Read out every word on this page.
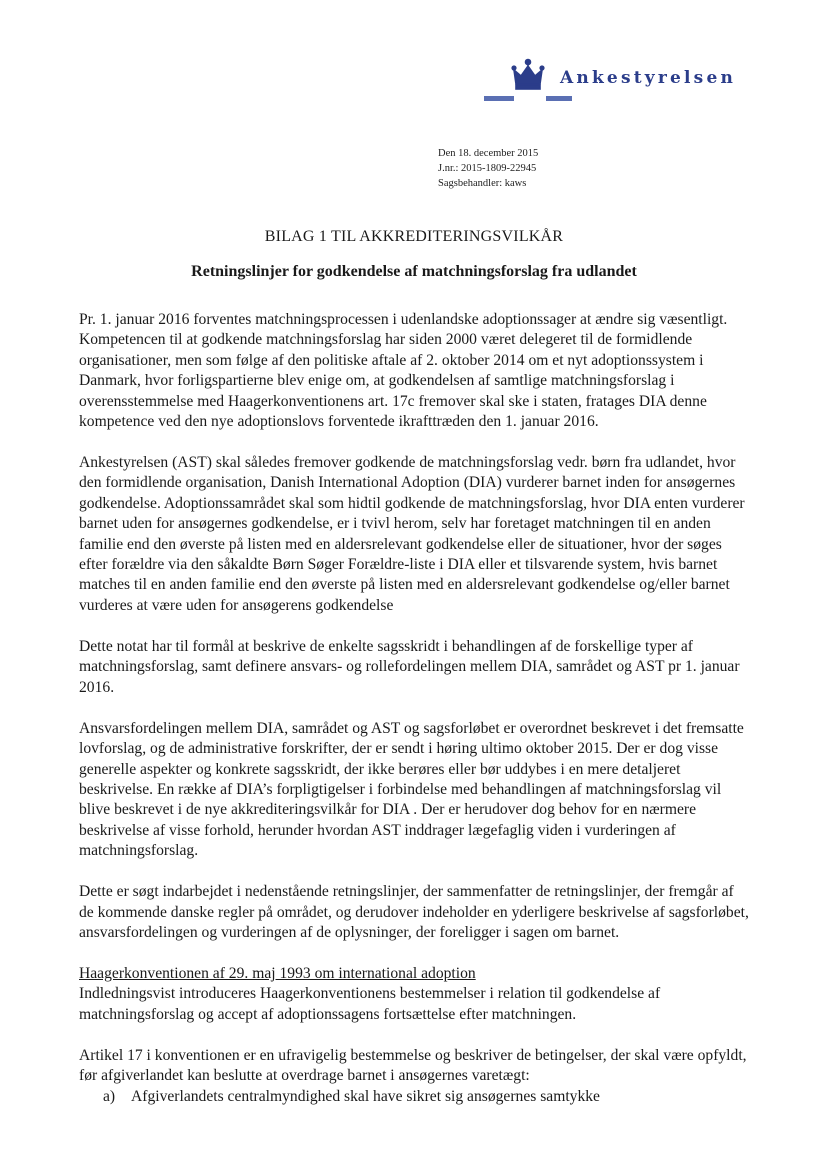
Ankestyrelsen
Den 18. december 2015
J.nr.: 2015-1809-22945
Sagsbehandler: kaws
BILAG 1 TIL AKKREDITERINGSVILKÅR
Retningslinjer for godkendelse af matchningsforslag fra udlandet

Pr. 1. januar 2016 forventes matchningsprocessen i udenlandske adoptionssager at ændre sig væsentligt. Kompetencen til at godkende matchningsforslag har siden 2000 været delegeret til de formidlende organisationer, men som følge af den politiske aftale af 2. oktober 2014 om et nyt adoptionssystem i Danmark, hvor forligspartierne blev enige om, at godkendelsen af samtlige matchningsforslag i overensstemmelse med Haagerkonventionens art. 17c fremover skal ske i staten, fratages DIA denne kompetence ved den nye adoptionslovs forventede ikrafttræden den 1. januar 2016.

Ankestyrelsen (AST) skal således fremover godkende de matchningsforslag vedr. børn fra udlandet, hvor den formidlende organisation, Danish International Adoption (DIA) vurderer barnet inden for ansøgernes godkendelse. Adoptionssamrådet skal som hidtil godkende de matchningsforslag, hvor DIA enten vurderer barnet uden for ansøgernes godkendelse, er i tvivl herom, selv har foretaget matchningen til en anden familie end den øverste på listen med en aldersrelevant godkendelse eller de situationer, hvor der søges efter forældre via den såkaldte Børn Søger Forældre-liste i DIA eller et tilsvarende system, hvis barnet matches til en anden familie end den øverste på listen med en aldersrelevant godkendelse og/eller barnet vurderes at være uden for ansøgerens godkendelse

Dette notat har til formål at beskrive de enkelte sagsskridt i behandlingen af de forskellige typer af matchningsforslag, samt definere ansvars- og rollefordelingen mellem DIA, samrådet og AST pr 1. januar 2016.

Ansvarsfordelingen mellem DIA, samrådet og AST og sagsforløbet er overordnet beskrevet i det fremsatte lovforslag, og de administrative forskrifter, der er sendt i høring ultimo oktober 2015. Der er dog visse generelle aspekter og konkrete sagsskridt, der ikke berøres eller bør uddybes i en mere detaljeret beskrivelse. En række af DIA’s forpligtigelser i forbindelse med behandlingen af matchningsforslag vil blive beskrevet i de nye akkrediteringsvilkår for DIA . Der er herudover dog behov for en nærmere beskrivelse af visse forhold, herunder hvordan AST inddrager lægefaglig viden i vurderingen af matchningsforslag.

Dette er søgt indarbejdet i nedenstående retningslinjer, der sammenfatter de retningslinjer, der fremgår af de kommende danske regler på området, og derudover indeholder en yderligere beskrivelse af sagsforløbet, ansvarsfordelingen og vurderingen af de oplysninger, der foreligger i sagen om barnet.

Haagerkonventionen af 29. maj 1993 om international adoption

Indledningsvist introduceres Haagerkonventionens bestemmelser i relation til godkendelse af matchningsforslag og accept af adoptionssagens fortsættelse efter matchningen.

Artikel 17 i konventionen er en ufravigelig bestemmelse og beskriver de betingelser, der skal være opfyldt, før afgiverlandet kan beslutte at overdrage barnet i ansøgernes varetægt:

a) Afgiverlandets centralmyndighed skal have sikret sig ansøgernes samtykke
